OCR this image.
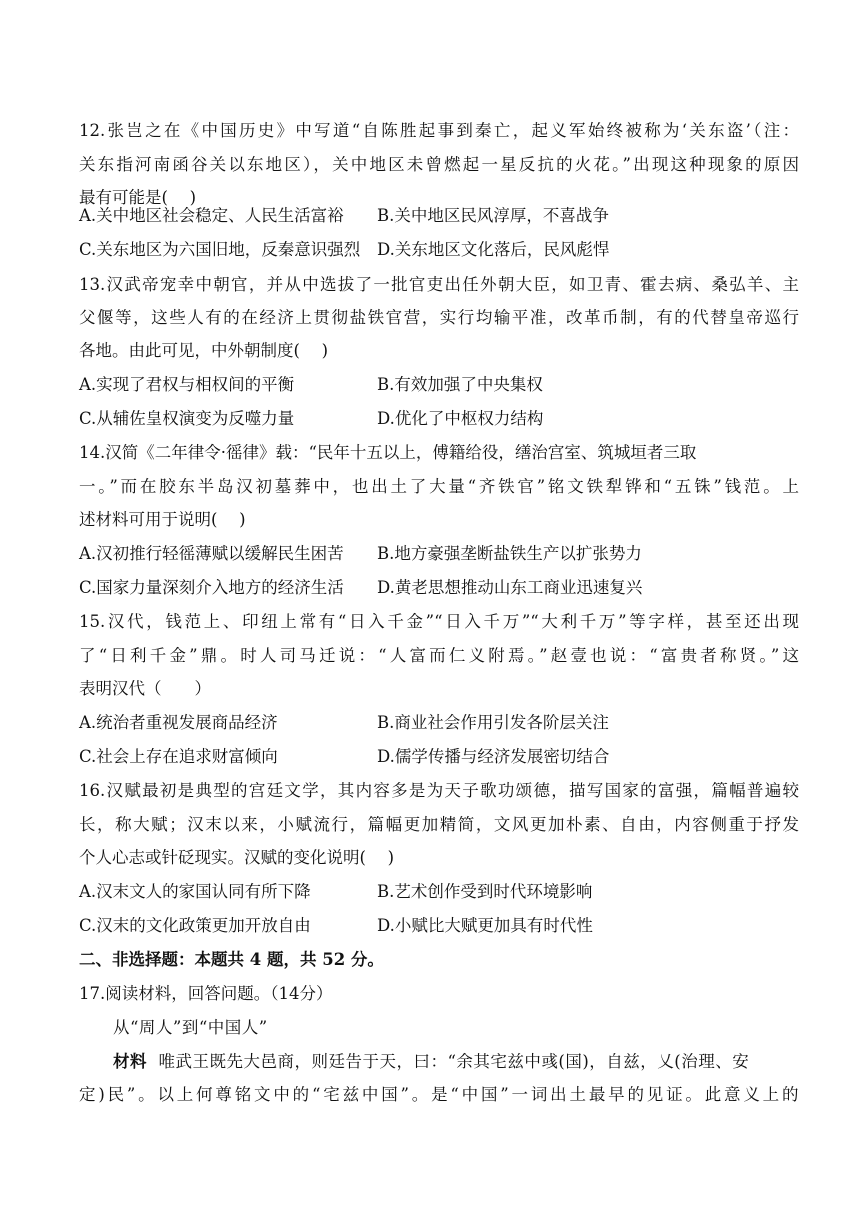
12.张岂之在《中国历史》中写道“自陈胜起事到秦亡，起义军始终被称为‘关东盗’（注：
关东指河南函谷关以东地区），关中地区未曾燃起一星反抗的火花。”出现这种现象的原因
最有可能是(　 )
A.关中地区社会稳定、人民生活富裕 B.关中地区民风淳厚，不喜战争
C.关东地区为六国旧地，反秦意识强烈 D.关东地区文化落后，民风彪悍
13.汉武帝宠幸中朝官，并从中选拔了一批官吏出任外朝大臣，如卫青、霍去病、桑弘羊、主
父偃等，这些人有的在经济上贯彻盐铁官营，实行均输平准，改革币制，有的代替皇帝巡行
各地。由此可见，中外朝制度(　 )
A.实现了君权与相权间的平衡	B.有效加强了中央集权
C.从辅佐皇权演变为反噬力量	D.优化了中枢权力结构
14.汉简《二年律令·徭律》载：“民年十五以上，傅籍给役，缮治宫室、筑城垣者三取
一。”而在胶东半岛汉初墓葬中，也出土了大量“齐铁官”铭文铁犁铧和“五铢”钱范。上
述材料可用于说明(　 )
A.汉初推行轻徭薄赋以缓解民生困苦 B.地方豪强垄断盐铁生产以扩张势力
C.国家力量深刻介入地方的经济生活 D.黄老思想推动山东工商业迅速复兴
15.汉代，钱范上、印纽上常有“日入千金”“日入千万”“大利千万”等字样，甚至还出现
了“日利千金”鼎。时人司马迁说：“人富而仁义附焉。”赵壹也说：“富贵者称贤。”这
表明汉代（　　）
A.统治者重视发展商品经济	B.商业社会作用引发各阶层关注
C.社会上存在追求财富倾向	D.儒学传播与经济发展密切结合
16.汉赋最初是典型的宫廷文学，其内容多是为天子歌功颂德，描写国家的富强，篇幅普遍较
长，称大赋；汉末以来，小赋流行，篇幅更加精简，文风更加朴素、自由，内容侧重于抒发
个人心志或针砭现实。汉赋的变化说明(　 )
A.汉末文人的家国认同有所下降	B.艺术创作受到时代环境影响
C.汉末的文化政策更加开放自由	D.小赋比大赋更加具有时代性
二、非选择题：本题共 4 题，共 52 分。
17.阅读材料，回答问题。（14分）
从“周人”到“中国人”
材料 唯武王既先大邑商，则廷告于天，曰：“余其宅兹中彧(国)，自兹，乂(治理、安
定)民”。以上何尊铭文中的“宅兹中国”。是“中国”一词出土最早的见证。此意义上的
